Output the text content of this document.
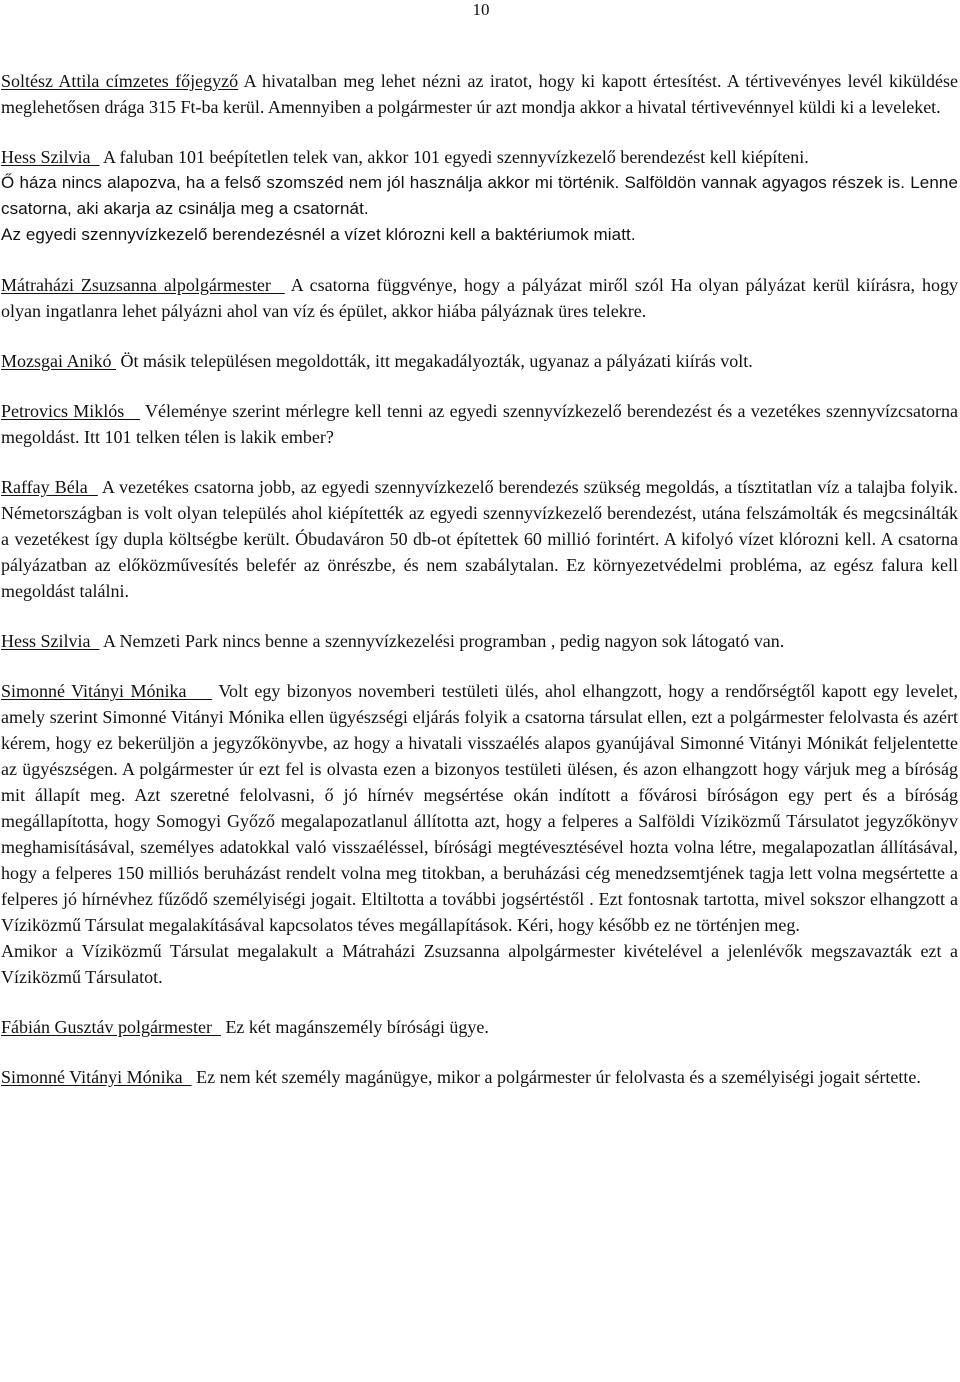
10

Soltész Attila címzetes főjegyző A hivatalban meg lehet nézni az iratot, hogy ki kapott értesítést. A tértivevényes levél kiküldése meglehetősen drága 315 Ft-ba kerül. Amennyiben a polgármester úr azt mondja akkor a hivatal tértivevénnyel küldi ki a leveleket.

Hess Szilvia   A faluban 101 beépítetlen telek van, akkor 101 egyedi szennyvízkezelő berendezést kell kiépíteni.

Ő háza nincs alapozva, ha a felső szomszéd nem jól használja akkor mi történik. Salföldön vannak agyagos részek is. Lenne csatorna, aki akarja az csinálja meg a csatornát.

Az egyedi szennyvízkezelő berendezésnél a vízet klórozni kell a baktériumok miatt.

Mátraházi Zsuzsanna alpolgármester   A csatorna függvénye, hogy a pályázat miről szól Ha olyan pályázat kerül kiírásra, hogy olyan ingatlanra lehet pályázni ahol van víz és épület, akkor hiába pályáznak üres telekre.

Mozsgai Anikó  Öt másik településen megoldották, itt megakadályozták, ugyanaz a pályázati kiírás volt.

Petrovics Miklós    Véleménye szerint mérlegre kell tenni az egyedi szennyvízkezelő berendezést és a vezetékes szennyvízcsatorna megoldást. Itt 101 telken télen is lakik ember?

Raffay Béla   A vezetékes csatorna jobb, az egyedi szennyvízkezelő berendezés szükség megoldás, a tísztitatlan víz a talajba folyik. Németországban is volt olyan település ahol kiépítették az egyedi szennyvízkezelő berendezést, utána felszámolták és megcsinálták a vezetékest így dupla költségbe került. Óbudaváron 50 db-ot építettek 60 millió forintért. A kifolyó vízet klórozni kell. A csatorna pályázatban az előközművesítés belefér az önrészbe, és nem szabálytalan. Ez környezetvédelmi probléma, az egész falura kell megoldást találni.

Hess Szilvia   A Nemzeti Park nincs benne a szennyvízkezelési programban , pedig nagyon sok látogató van.

Simonné Vitányi Mónika     Volt egy bizonyos novemberi testületi ülés, ahol elhangzott, hogy a rendőrségtől kapott egy levelet, amely szerint Simonné Vitányi Mónika ellen ügyészségi eljárás folyik a csatorna társulat ellen, ezt a polgármester felolvasta és azért kérem, hogy ez bekerüljön a jegyzőkönyvbe, az hogy a hivatali visszaélés alapos gyanújával Simonné Vitányi Mónikát feljelentette az ügyészségen. A polgármester úr ezt fel is olvasta ezen a bizonyos testületi ülésen, és azon elhangzott hogy várjuk meg a bíróság mit állapít meg. Azt szeretné felolvasni, ő jó hírnév megsértése okán indított a fővárosi bíróságon egy pert és a bíróság megállapította, hogy Somogyi Győző megalapozatlanul állította azt, hogy a felperes a Salföldi Víziközmű Társulatot jegyzőkönyv meghamisításával, személyes adatokkal való visszaéléssel, bírósági megtévesztésével hozta volna létre, megalapozatlan állításával, hogy a felperes 150 milliós beruházást rendelt volna meg titokban, a beruházási cég menedzsemtjének tagja lett volna megsértette a felperes jó hírnévhez fűződő személyiségi jogait. Eltiltotta a további jogsértéstől . Ezt fontosnak tartotta, mivel sokszor elhangzott a Víziközmű Társulat megalakításával kapcsolatos téves megállapítások. Kéri, hogy később ez ne történjen meg.

Amikor a Víziközmű Társulat megalakult a Mátraházi Zsuzsanna alpolgármester kivételével a jelenlévők megszavazták ezt a Víziközmű Társulatot.

Fábián Gusztáv polgármester   Ez két magánszemély bírósági ügye.

Simonné Vitányi Mónika   Ez nem két személy magánügye, mikor a polgármester úr felolvasta és a személyiségi jogait sértette.
